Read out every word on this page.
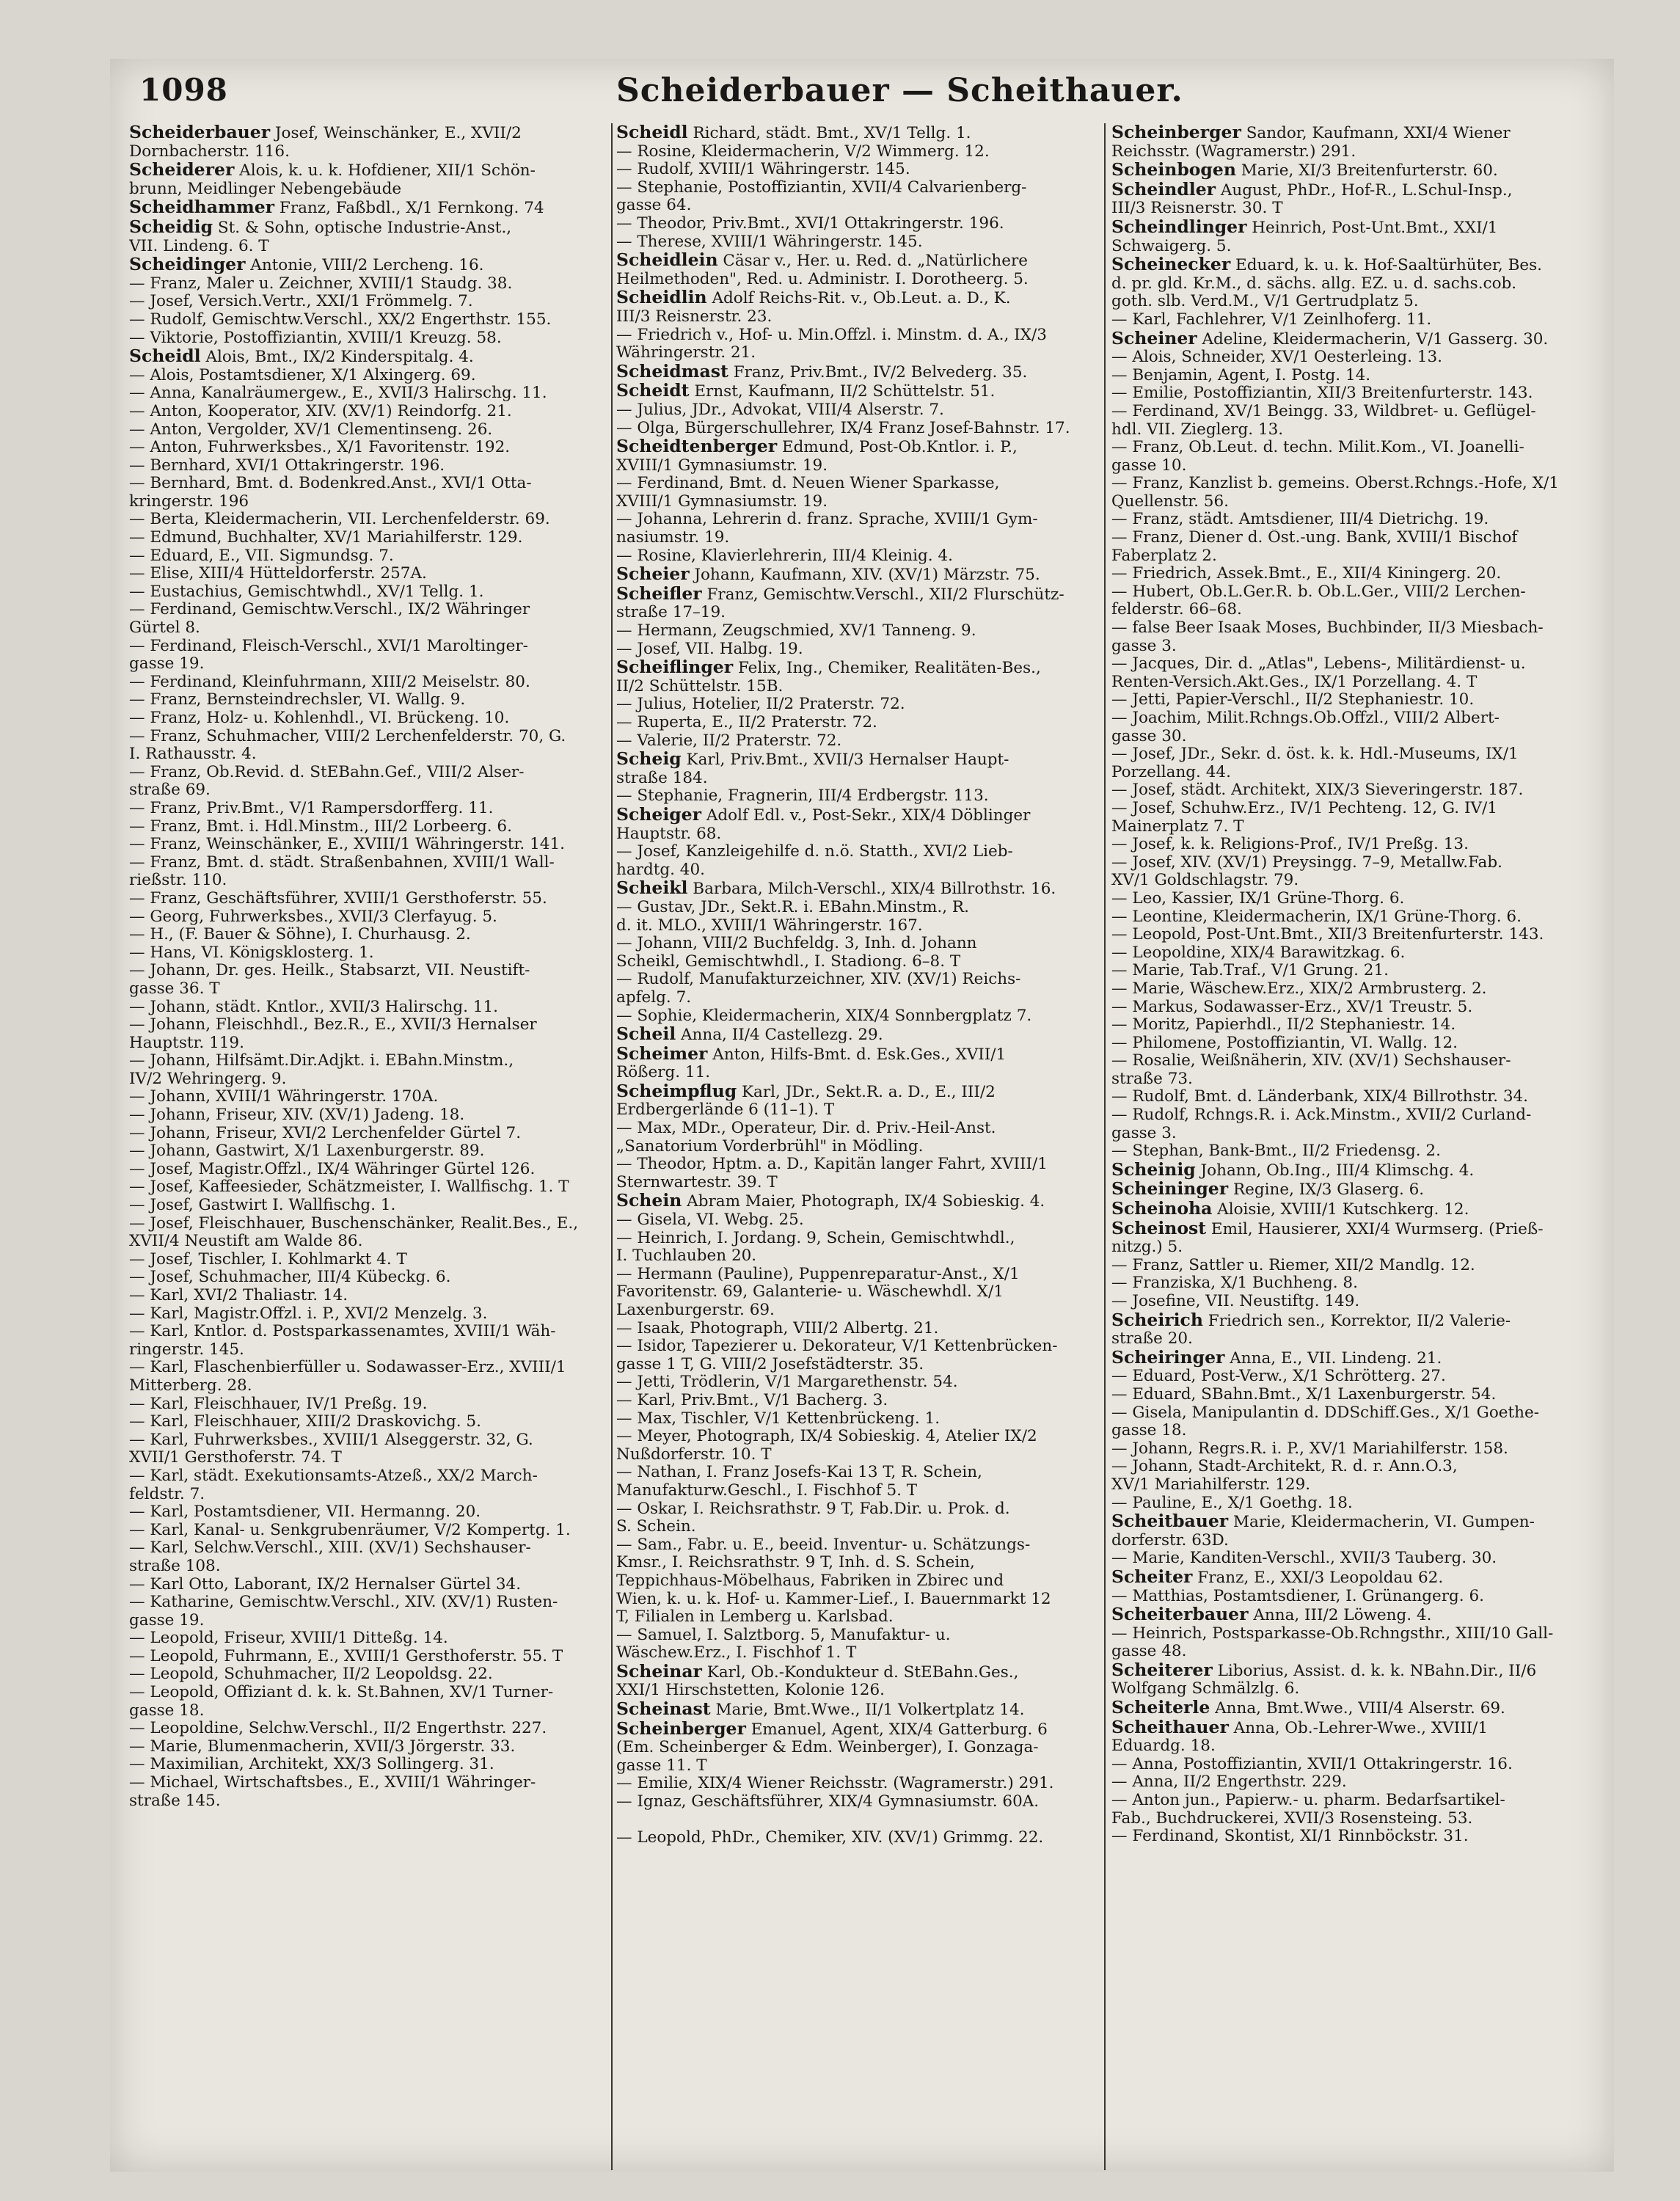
1098	Scheiderbauer — Scheithauer.

Scheiderbauer Josef, Weinschänker, E., XVII/2

Dornbacherstr. 116.

Scheiderer Alois, k. u. k. Hofdiener, XII/1 Schön-

brunn, Meidlinger Nebengebäude

Scheidhammer Franz, Faßbdl., X/1 Fernkong. 74

Scheidig St. & Sohn, optische Industrie-Anst.,

VII. Lindeng. 6. T

Scheidinger Antonie, VIII/2 Lercheng. 16.

— Franz, Maler u. Zeichner, XVIII/1 Staudg. 38.

— Josef, Versich.Vertr., XXI/1 Frömmelg. 7.

— Rudolf, Gemischtw.Verschl., XX/2 Engerthstr. 155.

— Viktorie, Postoffiziantin, XVIII/1 Kreuzg. 58.

Scheidl Alois, Bmt., IX/2 Kinderspitalg. 4.

— Alois, Postamtsdiener, X/1 Alxingerg. 69.

— Anna, Kanalräumergew., E., XVII/3 Halirschg. 11.

— Anton, Kooperator, XIV. (XV/1) Reindorfg. 21.

— Anton, Vergolder, XV/1 Clementinseng. 26.

— Anton, Fuhrwerksbes., X/1 Favoritenstr. 192.

— Bernhard, XVI/1 Ottakringerstr. 196.

— Bernhard, Bmt. d. Bodenkred.Anst., XVI/1 Otta-

kringerstr. 196

— Berta, Kleidermacherin, VII. Lerchenfelderstr. 69.

— Edmund, Buchhalter, XV/1 Mariahilferstr. 129.

— Eduard, E., VII. Sigmundsg. 7.

— Elise, XIII/4 Hütteldorferstr. 257A.

— Eustachius, Gemischtwhdl., XV/1 Tellg. 1.

— Ferdinand, Gemischtw.Verschl., IX/2 Währinger

Gürtel 8.

— Ferdinand, Fleisch-Verschl., XVI/1 Maroltinger-

gasse 19.

— Ferdinand, Kleinfuhrmann, XIII/2 Meiselstr. 80.

— Franz, Bernsteindrechsler, VI. Wallg. 9.

— Franz, Holz- u. Kohlenhdl., VI. Brückeng. 10.

— Franz, Schuhmacher, VIII/2 Lerchenfelderstr. 70, G.

I. Rathausstr. 4.

— Franz, Ob.Revid. d. StEBahn.Gef., VIII/2 Alser-

straße 69.

— Franz, Priv.Bmt., V/1 Rampersdorfferg. 11.

— Franz, Bmt. i. Hdl.Minstm., III/2 Lorbeerg. 6.

— Franz, Weinschänker, E., XVIII/1 Währingerstr. 141.

— Franz, Bmt. d. städt. Straßenbahnen, XVIII/1 Wall-

rießstr. 110.

— Franz, Geschäftsführer, XVIII/1 Gersthoferstr. 55.

— Georg, Fuhrwerksbes., XVII/3 Clerfayug. 5.

— H., (F. Bauer & Söhne), I. Churhausg. 2.

— Hans, VI. Königsklosterg. 1.

— Johann, Dr. ges. Heilk., Stabsarzt, VII. Neustift-

gasse 36. T

— Johann, städt. Kntlor., XVII/3 Halirschg. 11.

— Johann, Fleischhdl., Bez.R., E., XVII/3 Hernalser

Hauptstr. 119.

— Johann, Hilfsämt.Dir.Adjkt. i. EBahn.Minstm.,

IV/2 Wehringerg. 9.

— Johann, XVIII/1 Währingerstr. 170A.

— Johann, Friseur, XIV. (XV/1) Jadeng. 18.

— Johann, Friseur, XVI/2 Lerchenfelder Gürtel 7.

— Johann, Gastwirt, X/1 Laxenburgerstr. 89.

— Josef, Magistr.Offzl., IX/4 Währinger Gürtel 126.

— Josef, Kaffeesieder, Schätzmeister, I. Wallfischg. 1. T

— Josef, Gastwirt I. Wallfischg. 1.

— Josef, Fleischhauer, Buschenschänker, Realit.Bes., E.,

XVII/4 Neustift am Walde 86.

— Josef, Tischler, I. Kohlmarkt 4. T

— Josef, Schuhmacher, III/4 Kübeckg. 6.

— Karl, XVI/2 Thaliastr. 14.

— Karl, Magistr.Offzl. i. P., XVI/2 Menzelg. 3.

— Karl, Kntlor. d. Postsparkassenamtes, XVIII/1 Wäh-

ringerstr. 145.

— Karl, Flaschenbierfüller u. Sodawasser-Erz., XVIII/1

Mitterberg. 28.

— Karl, Fleischhauer, IV/1 Preßg. 19.

— Karl, Fleischhauer, XIII/2 Draskovichg. 5.

— Karl, Fuhrwerksbes., XVIII/1 Alseggerstr. 32, G.

XVII/1 Gersthoferstr. 74. T

— Karl, städt. Exekutionsamts-Atzeß., XX/2 March-

feldstr. 7.

— Karl, Postamtsdiener, VII. Hermanng. 20.

— Karl, Kanal- u. Senkgrubenräumer, V/2 Kompertg. 1.

— Karl, Selchw.Verschl., XIII. (XV/1) Sechshauser-

straße 108.

— Karl Otto, Laborant, IX/2 Hernalser Gürtel 34.

— Katharine, Gemischtw.Verschl., XIV. (XV/1) Rusten-

gasse 19.

— Leopold, Friseur, XVIII/1 Ditteßg. 14.

— Leopold, Fuhrmann, E., XVIII/1 Gersthoferstr. 55. T

— Leopold, Schuhmacher, II/2 Leopoldsg. 22.

— Leopold, Offiziant d. k. k. St.Bahnen, XV/1 Turner-

gasse 18.

— Leopoldine, Selchw.Verschl., II/2 Engerthstr. 227.

— Marie, Blumenmacherin, XVII/3 Jörgerstr. 33.

— Maximilian, Architekt, XX/3 Sollingerg. 31.

— Michael, Wirtschaftsbes., E., XVIII/1 Währinger-

straße 145.

Scheidl Richard, städt. Bmt., XV/1 Tellg. 1.

— Rosine, Kleidermacherin, V/2 Wimmerg. 12.

— Rudolf, XVIII/1 Währingerstr. 145.

— Stephanie, Postoffiziantin, XVII/4 Calvarienberg-

gasse 64.

— Theodor, Priv.Bmt., XVI/1 Ottakringerstr. 196.

— Therese, XVIII/1 Währingerstr. 145.

Scheidlein Cäsar v., Her. u. Red. d. „Natürlichere

Heilmethoden", Red. u. Administr. I. Dorotheerg. 5.

Scheidlin Adolf Reichs-Rit. v., Ob.Leut. a. D., K.

III/3 Reisnerstr. 23.

— Friedrich v., Hof- u. Min.Offzl. i. Minstm. d. A., IX/3

Währingerstr. 21.

Scheidmast Franz, Priv.Bmt., IV/2 Belvederg. 35.

Scheidt Ernst, Kaufmann, II/2 Schüttelstr. 51.

— Julius, JDr., Advokat, VIII/4 Alserstr. 7.

— Olga, Bürgerschullehrer, IX/4 Franz Josef-Bahnstr. 17.

Scheidtenberger Edmund, Post-Ob.Kntlor. i. P.,

XVIII/1 Gymnasiumstr. 19.

— Ferdinand, Bmt. d. Neuen Wiener Sparkasse,

XVIII/1 Gymnasiumstr. 19.

— Johanna, Lehrerin d. franz. Sprache, XVIII/1 Gym-

nasiumstr. 19.

— Rosine, Klavierlehrerin, III/4 Kleinig. 4.

Scheier Johann, Kaufmann, XIV. (XV/1) Märzstr. 75.

Scheifler Franz, Gemischtw.Verschl., XII/2 Flurschütz-

straße 17–19.

— Hermann, Zeugschmied, XV/1 Tanneng. 9.

— Josef, VII. Halbg. 19.

Scheiflinger Felix, Ing., Chemiker, Realitäten-Bes.,

II/2 Schüttelstr. 15B.

— Julius, Hotelier, II/2 Praterstr. 72.

— Ruperta, E., II/2 Praterstr. 72.

— Valerie, II/2 Praterstr. 72.

Scheig Karl, Priv.Bmt., XVII/3 Hernalser Haupt-

straße 184.

— Stephanie, Fragnerin, III/4 Erdbergstr. 113.

Scheiger Adolf Edl. v., Post-Sekr., XIX/4 Döblinger

Hauptstr. 68.

— Josef, Kanzleigehilfe d. n.ö. Statth., XVI/2 Lieb-

hardtg. 40.

Scheikl Barbara, Milch-Verschl., XIX/4 Billrothstr. 16.

— Gustav, JDr., Sekt.R. i. EBahn.Minstm., R.

d. it. MLO., XVIII/1 Währingerstr. 167.

— Johann, VIII/2 Buchfeldg. 3, Inh. d. Johann

Scheikl, Gemischtwhdl., I. Stadiong. 6–8. T

— Rudolf, Manufakturzeichner, XIV. (XV/1) Reichs-

apfelg. 7.

— Sophie, Kleidermacherin, XIX/4 Sonnbergplatz 7.

Scheil Anna, II/4 Castellezg. 29.

Scheimer Anton, Hilfs-Bmt. d. Esk.Ges., XVII/1

Rößerg. 11.

Scheimpflug Karl, JDr., Sekt.R. a. D., E., III/2

Erdbergerlände 6 (11–1). T

— Max, MDr., Operateur, Dir. d. Priv.-Heil-Anst.

„Sanatorium Vorderbrühl" in Mödling.

— Theodor, Hptm. a. D., Kapitän langer Fahrt, XVIII/1

Sternwartestr. 39. T

Schein Abram Maier, Photograph, IX/4 Sobieskig. 4.

— Gisela, VI. Webg. 25.

— Heinrich, I. Jordang. 9, Schein, Gemischtwhdl.,

I. Tuchlauben 20.

— Hermann (Pauline), Puppenreparatur-Anst., X/1

Favoritenstr. 69, Galanterie- u. Wäschewhdl. X/1

Laxenburgerstr. 69.

— Isaak, Photograph, VIII/2 Albertg. 21.

— Isidor, Tapezierer u. Dekorateur, V/1 Kettenbrücken-

gasse 1 T, G. VIII/2 Josefstädterstr. 35.

— Jetti, Trödlerin, V/1 Margarethenstr. 54.

— Karl, Priv.Bmt., V/1 Bacherg. 3.

— Max, Tischler, V/1 Kettenbrückeng. 1.

— Meyer, Photograph, IX/4 Sobieskig. 4, Atelier IX/2

Nußdorferstr. 10. T

— Nathan, I. Franz Josefs-Kai 13 T, R. Schein,

Manufakturw.Geschl., I. Fischhof 5. T

— Oskar, I. Reichsrathstr. 9 T, Fab.Dir. u. Prok. d.

S. Schein.

— Sam., Fabr. u. E., beeid. Inventur- u. Schätzungs-

Kmsr., I. Reichsrathstr. 9 T, Inh. d. S. Schein,

Teppichhaus-Möbelhaus, Fabriken in Zbirec und

Wien, k. u. k. Hof- u. Kammer-Lief., I. Bauernmarkt 12

T, Filialen in Lemberg u. Karlsbad.

— Samuel, I. Salztborg. 5, Manufaktur- u.

Wäschew.Erz., I. Fischhof 1. T

Scheinar Karl, Ob.-Kondukteur d. StEBahn.Ges.,

XXI/1 Hirschstetten, Kolonie 126.

Scheinast Marie, Bmt.Wwe., II/1 Volkertplatz 14.

Scheinberger Emanuel, Agent, XIX/4 Gatterburg. 6

(Em. Scheinberger & Edm. Weinberger), I. Gonzaga-

gasse 11. T

— Emilie, XIX/4 Wiener Reichsstr. (Wagramerstr.) 291.

— Ignaz, Geschäftsführer, XIX/4 Gymnasiumstr. 60A.

— Leopold, PhDr., Chemiker, XIV. (XV/1) Grimmg. 22.

Scheinberger Sandor, Kaufmann, XXI/4 Wiener

Reichsstr. (Wagramerstr.) 291.

Scheinbogen Marie, XI/3 Breitenfurterstr. 60.

Scheindler August, PhDr., Hof-R., L.Schul-Insp.,

III/3 Reisnerstr. 30. T

Scheindlinger Heinrich, Post-Unt.Bmt., XXI/1

Schwaigerg. 5.

Scheinecker Eduard, k. u. k. Hof-Saaltürhüter, Bes.

d. pr. gld. Kr.M., d. sächs. allg. EZ. u. d. sachs.cob.

goth. slb. Verd.M., V/1 Gertrudplatz 5.

— Karl, Fachlehrer, V/1 Zeinlhoferg. 11.

Scheiner Adeline, Kleidermacherin, V/1 Gasserg. 30.

— Alois, Schneider, XV/1 Oesterleing. 13.

— Benjamin, Agent, I. Postg. 14.

— Emilie, Postoffiziantin, XII/3 Breitenfurterstr. 143.

— Ferdinand, XV/1 Beingg. 33, Wildbret- u. Geflügel-

hdl. VII. Zieglerg. 13.

— Franz, Ob.Leut. d. techn. Milit.Kom., VI. Joanelli-

gasse 10.

— Franz, Kanzlist b. gemeins. Oberst.Rchngs.-Hofe, X/1

Quellenstr. 56.

— Franz, städt. Amtsdiener, III/4 Dietrichg. 19.

— Franz, Diener d. Öst.-ung. Bank, XVIII/1 Bischof

Faberplatz 2.

— Friedrich, Assek.Bmt., E., XII/4 Kiningerg. 20.

— Hubert, Ob.L.Ger.R. b. Ob.L.Ger., VIII/2 Lerchen-

felderstr. 66–68.

— false Beer Isaak Moses, Buchbinder, II/3 Miesbach-

gasse 3.

— Jacques, Dir. d. „Atlas", Lebens-, Militärdienst- u.

Renten-Versich.Akt.Ges., IX/1 Porzellang. 4. T

— Jetti, Papier-Verschl., II/2 Stephaniestr. 10.

— Joachim, Milit.Rchngs.Ob.Offzl., VIII/2 Albert-

gasse 30.

— Josef, JDr., Sekr. d. öst. k. k. Hdl.-Museums, IX/1

Porzellang. 44.

— Josef, städt. Architekt, XIX/3 Sieveringerstr. 187.

— Josef, Schuhw.Erz., IV/1 Pechteng. 12, G. IV/1

Mainerplatz 7. T

— Josef, k. k. Religions-Prof., IV/1 Preßg. 13.

— Josef, XIV. (XV/1) Preysingg. 7–9, Metallw.Fab.

XV/1 Goldschlagstr. 79.

— Leo, Kassier, IX/1 Grüne-Thorg. 6.

— Leontine, Kleidermacherin, IX/1 Grüne-Thorg. 6.

— Leopold, Post-Unt.Bmt., XII/3 Breitenfurterstr. 143.

— Leopoldine, XIX/4 Barawitzkag. 6.

— Marie, Tab.Traf., V/1 Grung. 21.

— Marie, Wäschew.Erz., XIX/2 Armbrusterg. 2.

— Markus, Sodawasser-Erz., XV/1 Treustr. 5.

— Moritz, Papierhdl., II/2 Stephaniestr. 14.

— Philomene, Postoffiziantin, VI. Wallg. 12.

— Rosalie, Weißnäherin, XIV. (XV/1) Sechshauser-

straße 73.

— Rudolf, Bmt. d. Länderbank, XIX/4 Billrothstr. 34.

— Rudolf, Rchngs.R. i. Ack.Minstm., XVII/2 Curland-

gasse 3.

— Stephan, Bank-Bmt., II/2 Friedensg. 2.

Scheinig Johann, Ob.Ing., III/4 Klimschg. 4.

Scheininger Regine, IX/3 Glaserg. 6.

Scheinoha Aloisie, XVIII/1 Kutschkerg. 12.

Scheinost Emil, Hausierer, XXI/4 Wurmserg. (Prieß-

nitzg.) 5.

— Franz, Sattler u. Riemer, XII/2 Mandlg. 12.

— Franziska, X/1 Buchheng. 8.

— Josefine, VII. Neustiftg. 149.

Scheirich Friedrich sen., Korrektor, II/2 Valerie-

straße 20.

Scheiringer Anna, E., VII. Lindeng. 21.

— Eduard, Post-Verw., X/1 Schrötterg. 27.

— Eduard, SBahn.Bmt., X/1 Laxenburgerstr. 54.

— Gisela, Manipulantin d. DDSchiff.Ges., X/1 Goethe-

gasse 18.

— Johann, Regrs.R. i. P., XV/1 Mariahilferstr. 158.

— Johann, Stadt-Architekt, R. d. r. Ann.O.3,

XV/1 Mariahilferstr. 129.

— Pauline, E., X/1 Goethg. 18.

Scheitbauer Marie, Kleidermacherin, VI. Gumpen-

dorferstr. 63D.

— Marie, Kanditen-Verschl., XVII/3 Tauberg. 30.

Scheiter Franz, E., XXI/3 Leopoldau 62.

— Matthias, Postamtsdiener, I. Grünangerg. 6.

Scheiterbauer Anna, III/2 Löweng. 4.

— Heinrich, Postsparkasse-Ob.Rchngsthr., XIII/10 Gall-

gasse 48.

Scheiterer Liborius, Assist. d. k. k. NBahn.Dir., II/6

Wolfgang Schmälzlg. 6.

Scheiterle Anna, Bmt.Wwe., VIII/4 Alserstr. 69.

Scheithauer Anna, Ob.-Lehrer-Wwe., XVIII/1

Eduardg. 18.

— Anna, Postoffiziantin, XVII/1 Ottakringerstr. 16.

— Anna, II/2 Engerthstr. 229.

— Anton jun., Papierw.- u. pharm. Bedarfsartikel-

Fab., Buchdruckerei, XVII/3 Rosensteing. 53.

— Ferdinand, Skontist, XI/1 Rinnböckstr. 31.
